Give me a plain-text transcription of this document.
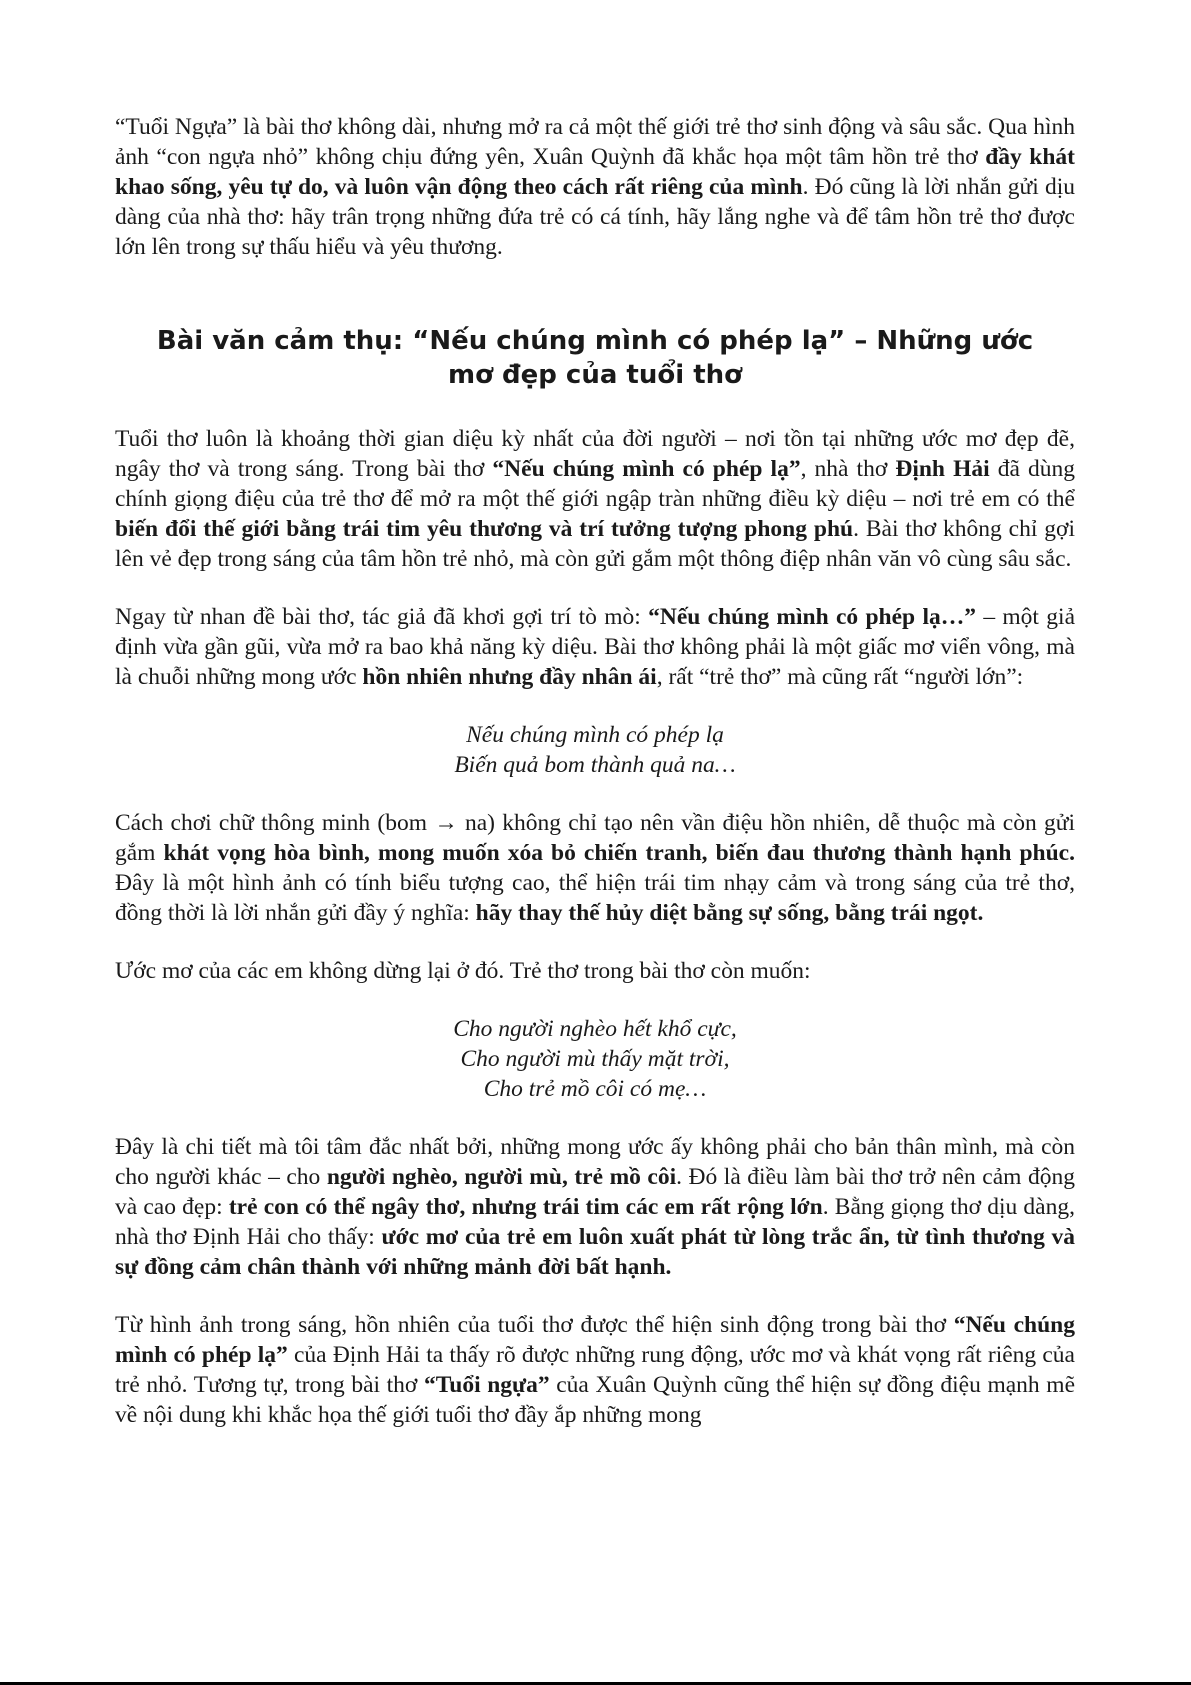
“Tuổi Ngựa” là bài thơ không dài, nhưng mở ra cả một thế giới trẻ thơ sinh động và sâu sắc. Qua hình ảnh “con ngựa nhỏ” không chịu đứng yên, Xuân Quỳnh đã khắc họa một tâm hồn trẻ thơ đầy khát khao sống, yêu tự do, và luôn vận động theo cách rất riêng của mình. Đó cũng là lời nhắn gửi dịu dàng của nhà thơ: hãy trân trọng những đứa trẻ có cá tính, hãy lắng nghe và để tâm hồn trẻ thơ được lớn lên trong sự thấu hiểu và yêu thương.

Bài văn cảm thụ: “Nếu chúng mình có phép lạ” – Những ước mơ đẹp của tuổi thơ

Tuổi thơ luôn là khoảng thời gian diệu kỳ nhất của đời người – nơi tồn tại những ước mơ đẹp đẽ, ngây thơ và trong sáng. Trong bài thơ “Nếu chúng mình có phép lạ”, nhà thơ Định Hải đã dùng chính giọng điệu của trẻ thơ để mở ra một thế giới ngập tràn những điều kỳ diệu – nơi trẻ em có thể biến đổi thế giới bằng trái tim yêu thương và trí tưởng tượng phong phú. Bài thơ không chỉ gợi lên vẻ đẹp trong sáng của tâm hồn trẻ nhỏ, mà còn gửi gắm một thông điệp nhân văn vô cùng sâu sắc.

Ngay từ nhan đề bài thơ, tác giả đã khơi gợi trí tò mò: “Nếu chúng mình có phép lạ…” – một giả định vừa gần gũi, vừa mở ra bao khả năng kỳ diệu. Bài thơ không phải là một giấc mơ viển vông, mà là chuỗi những mong ước hồn nhiên nhưng đầy nhân ái, rất “trẻ thơ” mà cũng rất “người lớn”:

Nếu chúng mình có phép lạ
Biến quả bom thành quả na…

Cách chơi chữ thông minh (bom → na) không chỉ tạo nên vần điệu hồn nhiên, dễ thuộc mà còn gửi gắm khát vọng hòa bình, mong muốn xóa bỏ chiến tranh, biến đau thương thành hạnh phúc. Đây là một hình ảnh có tính biểu tượng cao, thể hiện trái tim nhạy cảm và trong sáng của trẻ thơ, đồng thời là lời nhắn gửi đầy ý nghĩa: hãy thay thế hủy diệt bằng sự sống, bằng trái ngọt.

Ước mơ của các em không dừng lại ở đó. Trẻ thơ trong bài thơ còn muốn:

Cho người nghèo hết khổ cực,
Cho người mù thấy mặt trời,
Cho trẻ mồ côi có mẹ…

Đây là chi tiết mà tôi tâm đắc nhất bởi, những mong ước ấy không phải cho bản thân mình, mà còn cho người khác – cho người nghèo, người mù, trẻ mồ côi. Đó là điều làm bài thơ trở nên cảm động và cao đẹp: trẻ con có thể ngây thơ, nhưng trái tim các em rất rộng lớn. Bằng giọng thơ dịu dàng, nhà thơ Định Hải cho thấy: ước mơ của trẻ em luôn xuất phát từ lòng trắc ẩn, từ tình thương và sự đồng cảm chân thành với những mảnh đời bất hạnh.

Từ hình ảnh trong sáng, hồn nhiên của tuổi thơ được thể hiện sinh động trong bài thơ “Nếu chúng mình có phép lạ” của Định Hải ta thấy rõ được những rung động, ước mơ và khát vọng rất riêng của trẻ nhỏ. Tương tự, trong bài thơ “Tuổi ngựa” của Xuân Quỳnh cũng thể hiện sự đồng điệu mạnh mẽ về nội dung khi khắc họa thế giới tuổi thơ đầy ắp những mong
